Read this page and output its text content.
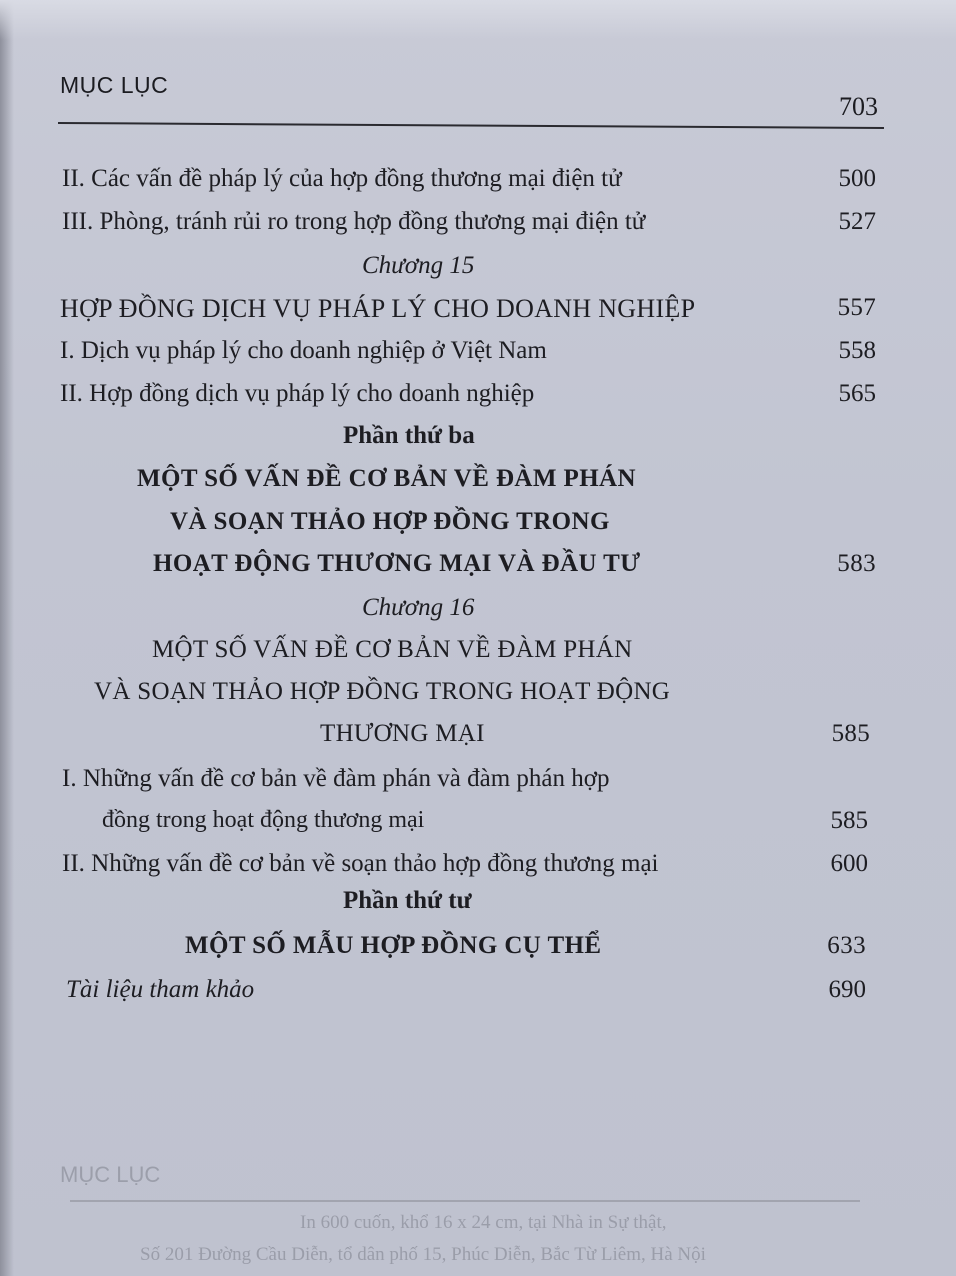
MỤC LỤC
703
II. Các vấn đề pháp lý của hợp đồng thương mại điện tử	500
III. Phòng, tránh rủi ro trong hợp đồng thương mại điện tử	527
Chương 15
HỢP ĐỒNG DỊCH VỤ PHÁP LÝ CHO DOANH NGHIỆP	557
I. Dịch vụ pháp lý cho doanh nghiệp ở Việt Nam	558
II. Hợp đồng dịch vụ pháp lý cho doanh nghiệp	565
Phần thứ ba
MỘT SỐ VẤN ĐỀ CƠ BẢN VỀ ĐÀM PHÁN
VÀ SOẠN THẢO HỢP ĐỒNG TRONG
HOẠT ĐỘNG THƯƠNG MẠI VÀ ĐẦU TƯ	583
Chương 16
MỘT SỐ VẤN ĐỀ CƠ BẢN VỀ ĐÀM PHÁN
VÀ SOẠN THẢO HỢP ĐỒNG TRONG HOẠT ĐỘNG
THƯƠNG MẠI	585
I. Những vấn đề cơ bản về đàm phán và đàm phán hợp
đồng trong hoạt động thương mại	585
II. Những vấn đề cơ bản về soạn thảo hợp đồng thương mại	600
Phần thứ tư
MỘT SỐ MẪU HỢP ĐỒNG CỤ THỂ	633
Tài liệu tham khảo	690
MỤC LỤC
In 600 cuốn, khổ 16 x 24 cm, tại Nhà in Sự thật,
Số 201 Đường Cầu Diễn, tổ dân phố 15, Phúc Diễn, Bắc Từ Liêm, Hà Nội
